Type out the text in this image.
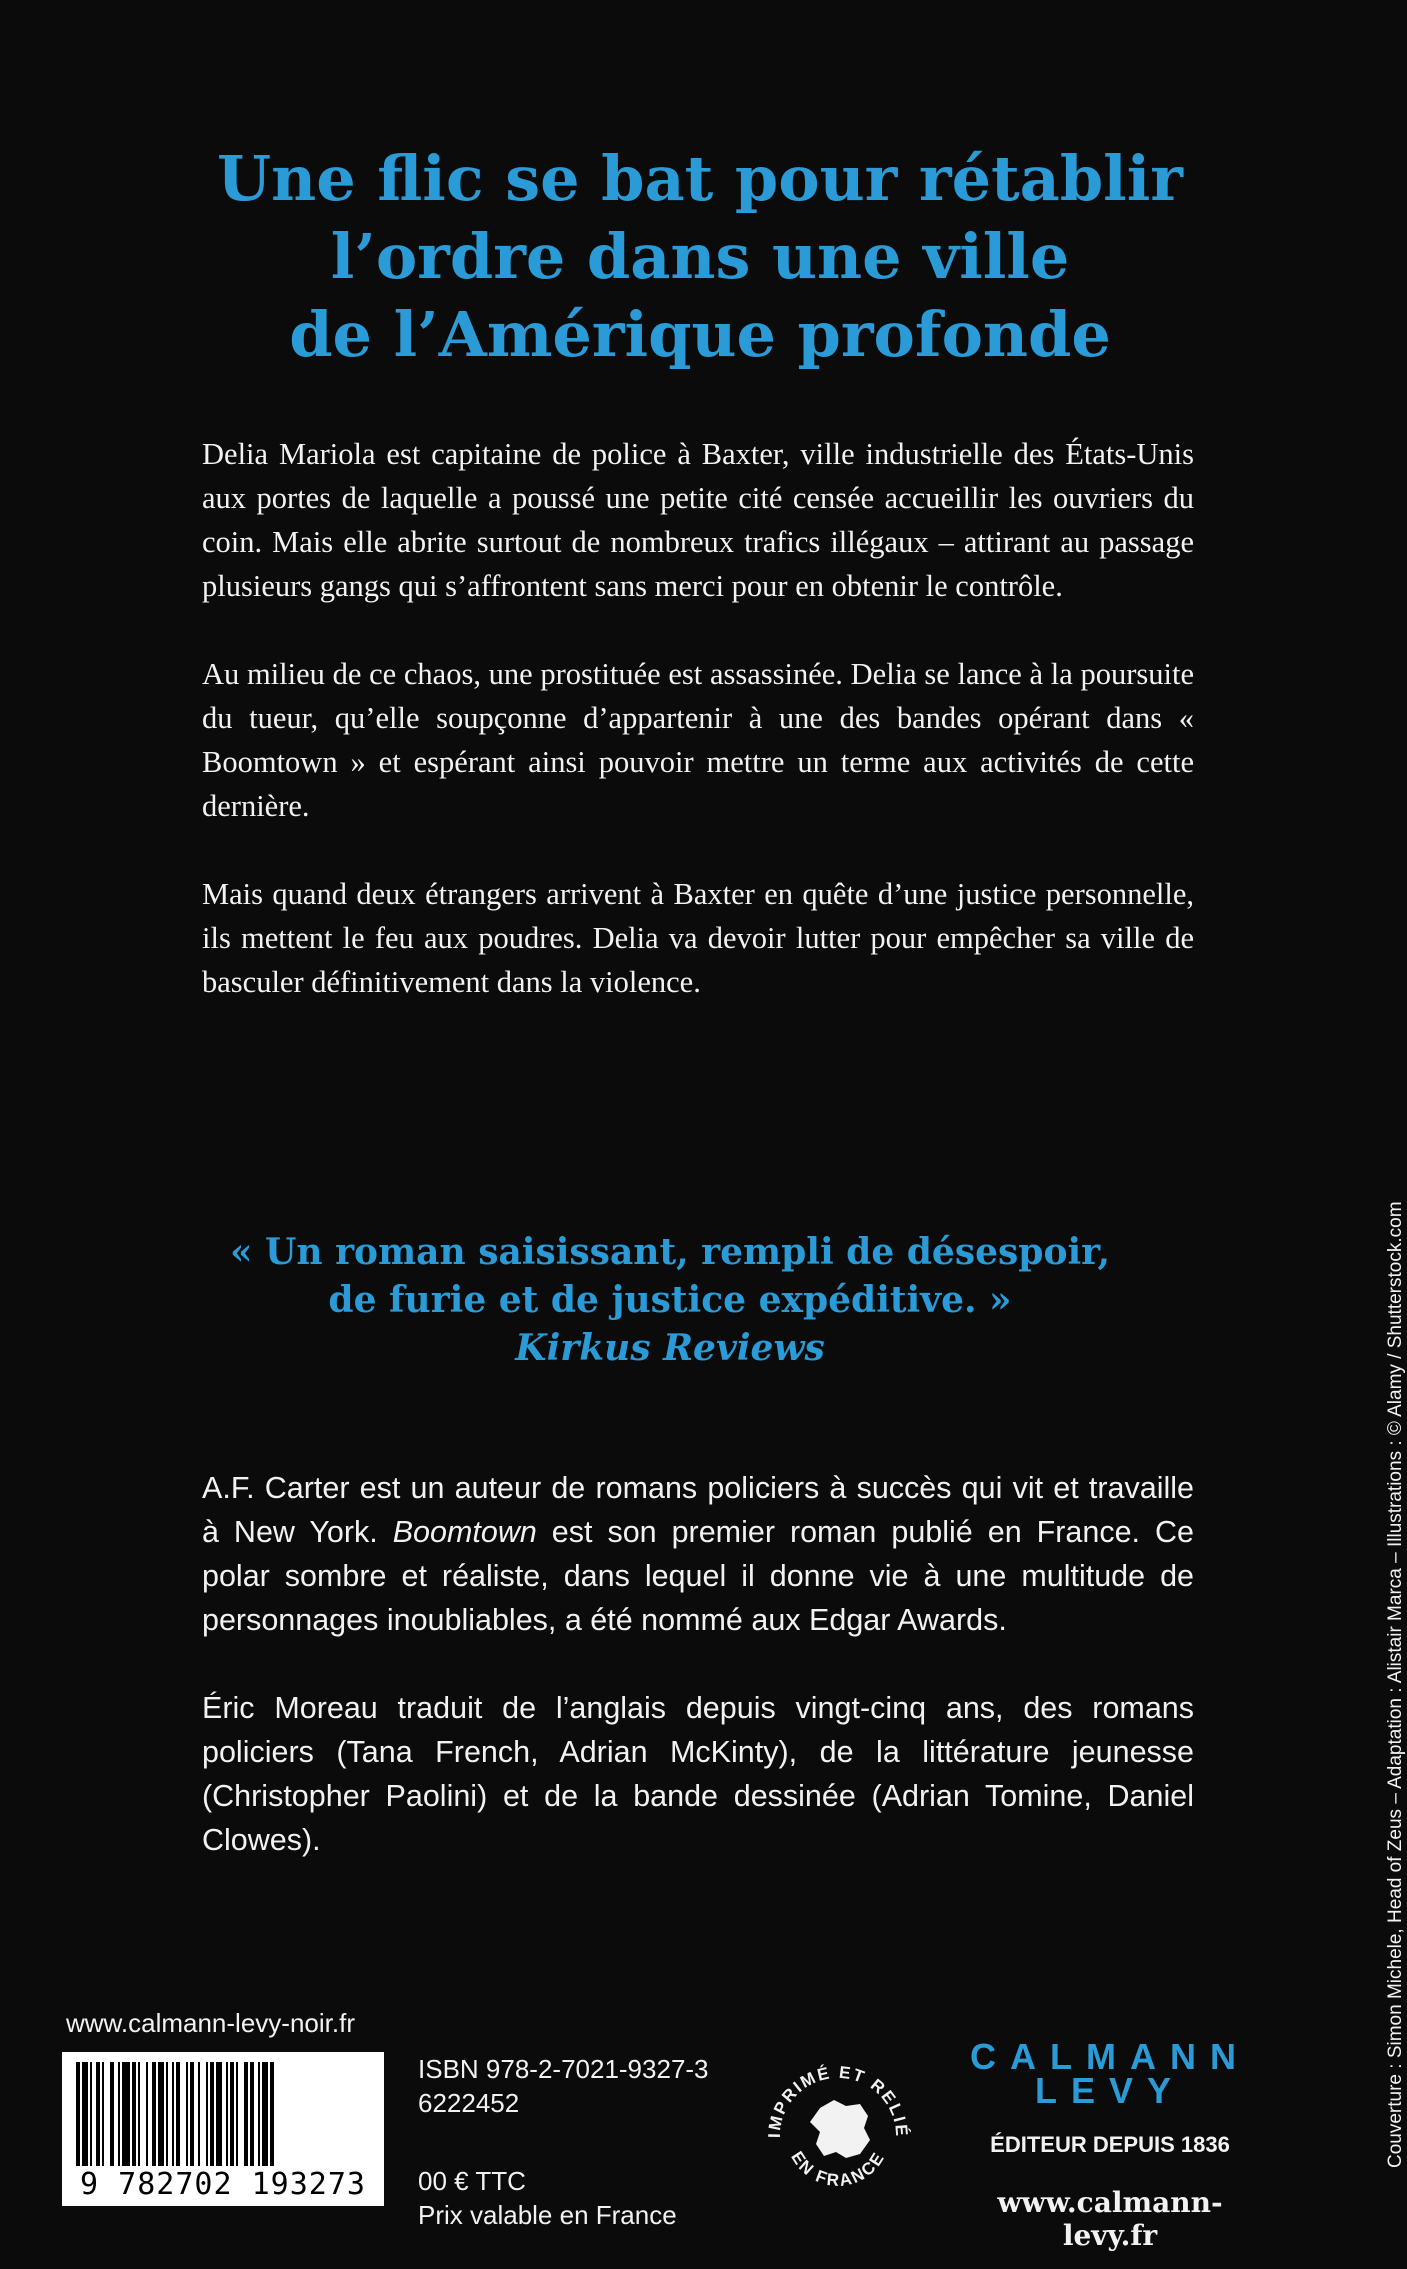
Une flic se bat pour rétablir
l’ordre dans une ville
de l’Amérique profonde

Delia Mariola est capitaine de police à Baxter, ville industrielle des États-Unis aux portes de laquelle a poussé une petite cité censée accueillir les ouvriers du coin. Mais elle abrite surtout de nombreux trafics illégaux – attirant au passage plusieurs gangs qui s’affrontent sans merci pour en obtenir le contrôle.

Au milieu de ce chaos, une prostituée est assassinée. Delia se lance à la poursuite du tueur, qu’elle soupçonne d’appartenir à une des bandes opérant dans « Boomtown » et espérant ainsi pouvoir mettre un terme aux activités de cette dernière.

Mais quand deux étrangers arrivent à Baxter en quête d’une justice personnelle, ils mettent le feu aux poudres. Delia va devoir lutter pour empêcher sa ville de basculer définitivement dans la violence.

« Un roman saisissant, rempli de désespoir,
de furie et de justice expéditive. »
Kirkus Reviews

A.F. Carter est un auteur de romans policiers à succès qui vit et travaille à New York. Boomtown est son premier roman publié en France. Ce polar sombre et réaliste, dans lequel il donne vie à une multitude de personnages inoubliables, a été nommé aux Edgar Awards.

Éric Moreau traduit de l’anglais depuis vingt-cinq ans, des romans policiers (Tana French, Adrian McKinty), de la littérature jeunesse (Christopher Paolini) et de la bande dessinée (Adrian Tomine, Daniel Clowes).

www.calmann-levy-noir.fr
9 782702 193273
ISBN 978-2-7021-9327-3
6222452
00 € TTC
Prix valable en France
IMPRIMÉ ET RELIÉ
EN FRANCE
CALMANN
LEVY
ÉDITEUR DEPUIS 1836
www.calmann-levy.fr
Couverture : Simon Michele, Head of Zeus – Adaptation : Alistair Marca – Illustrations : © Alamy / Shutterstock.com
